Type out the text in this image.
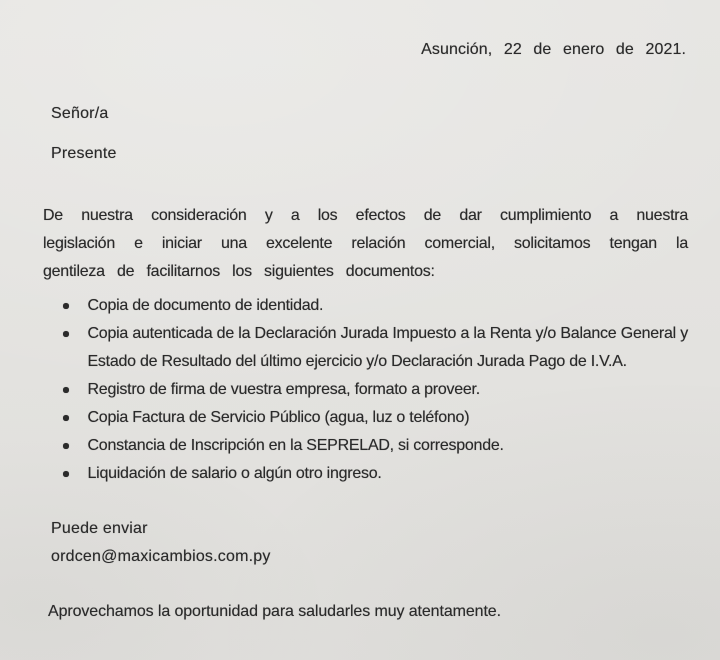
Asunción, 22 de enero de 2021.
Señor/a
Presente
De nuestra consideración y a los efectos de dar cumplimiento a nuestra legislación e iniciar una excelente relación comercial, solicitamos tengan la gentileza de facilitarnos los siguientes documentos:
Copia de documento de identidad.
Copia autenticada de la Declaración Jurada Impuesto a la Renta y/o Balance General y Estado de Resultado del último ejercicio y/o Declaración Jurada Pago de I.V.A.
Registro de firma de vuestra empresa, formato a proveer.
Copia Factura de Servicio Público (agua, luz o teléfono)
Constancia de Inscripción en la SEPRELAD, si corresponde.
Liquidación de salario o algún otro ingreso.
Puede enviar
ordcen@maxicambios.com.py
Aprovechamos la oportunidad para saludarles muy atentamente.
